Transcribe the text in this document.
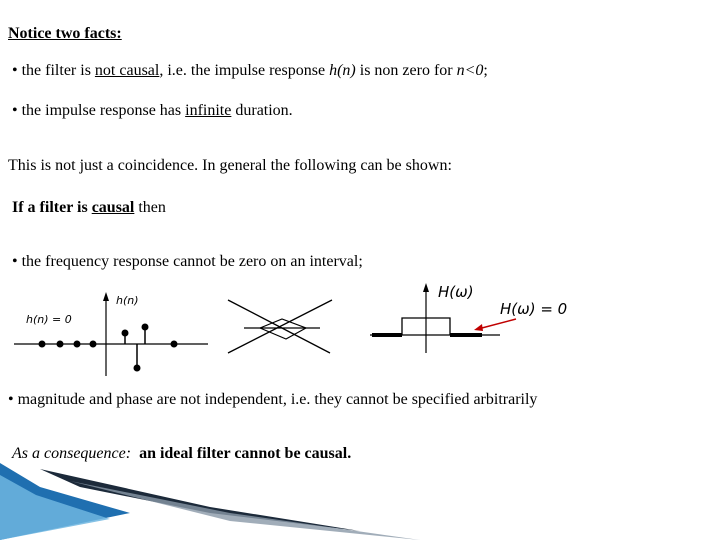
Notice two facts:
• the filter is not causal, i.e. the impulse response h(n) is non zero for n<0;
• the impulse response has infinite duration.
This is not just a coincidence. In general the following can be shown:
If a filter is causal then
• the frequency response cannot be zero on an interval;
h(n)
h(n) = 0
H(ω)
H(ω) = 0
• magnitude and phase are not independent, i.e. they cannot be specified arbitrarily
As a consequence: an ideal filter cannot be causal.
